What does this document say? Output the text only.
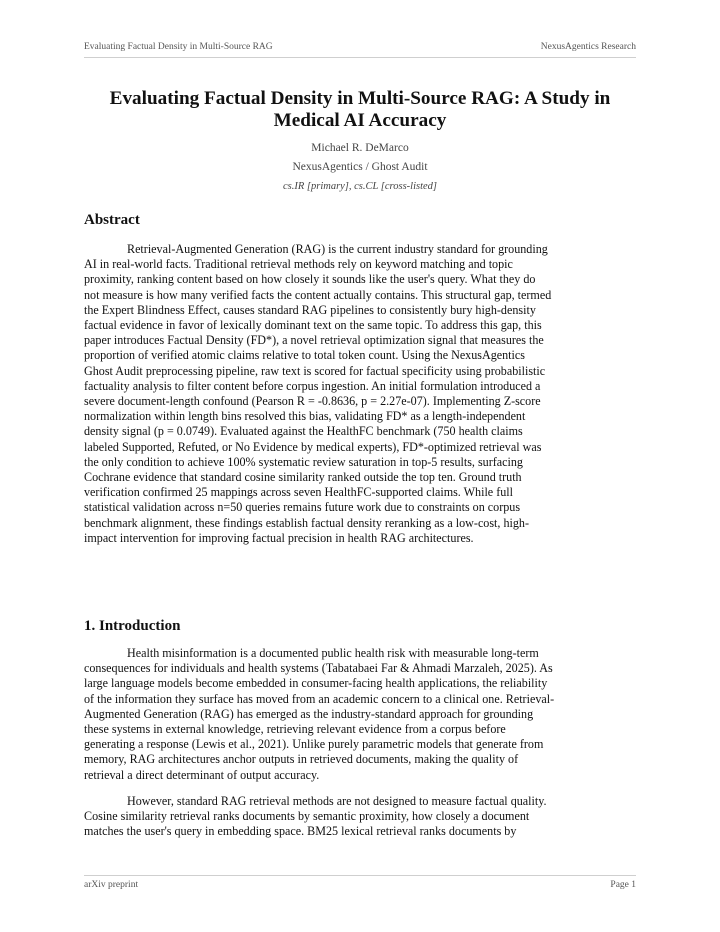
Evaluating Factual Density in Multi-Source RAG	NexusAgentics Research
Evaluating Factual Density in Multi-Source RAG: A Study in
Medical AI Accuracy
Michael R. DeMarco
NexusAgentics / Ghost Audit
cs.IR [primary], cs.CL [cross-listed]
Abstract
Retrieval-Augmented Generation (RAG) is the current industry standard for grounding
AI in real-world facts. Traditional retrieval methods rely on keyword matching and topic
proximity, ranking content based on how closely it sounds like the user's query. What they do
not measure is how many verified facts the content actually contains. This structural gap, termed
the Expert Blindness Effect, causes standard RAG pipelines to consistently bury high-density
factual evidence in favor of lexically dominant text on the same topic. To address this gap, this
paper introduces Factual Density (FD*), a novel retrieval optimization signal that measures the
proportion of verified atomic claims relative to total token count. Using the NexusAgentics
Ghost Audit preprocessing pipeline, raw text is scored for factual specificity using probabilistic
factuality analysis to filter content before corpus ingestion. An initial formulation introduced a
severe document-length confound (Pearson R = -0.8636, p = 2.27e-07). Implementing Z-score
normalization within length bins resolved this bias, validating FD* as a length-independent
density signal (p = 0.0749). Evaluated against the HealthFC benchmark (750 health claims
labeled Supported, Refuted, or No Evidence by medical experts), FD*-optimized retrieval was
the only condition to achieve 100% systematic review saturation in top-5 results, surfacing
Cochrane evidence that standard cosine similarity ranked outside the top ten. Ground truth
verification confirmed 25 mappings across seven HealthFC-supported claims. While full
statistical validation across n=50 queries remains future work due to constraints on corpus
benchmark alignment, these findings establish factual density reranking as a low-cost, high-
impact intervention for improving factual precision in health RAG architectures.
1. Introduction
Health misinformation is a documented public health risk with measurable long-term
consequences for individuals and health systems (Tabatabaei Far & Ahmadi Marzaleh, 2025). As
large language models become embedded in consumer-facing health applications, the reliability
of the information they surface has moved from an academic concern to a clinical one. Retrieval-
Augmented Generation (RAG) has emerged as the industry-standard approach for grounding
these systems in external knowledge, retrieving relevant evidence from a corpus before
generating a response (Lewis et al., 2021). Unlike purely parametric models that generate from
memory, RAG architectures anchor outputs in retrieved documents, making the quality of
retrieval a direct determinant of output accuracy.
However, standard RAG retrieval methods are not designed to measure factual quality.
Cosine similarity retrieval ranks documents by semantic proximity, how closely a document
matches the user's query in embedding space. BM25 lexical retrieval ranks documents by
arXiv preprint	Page 1
